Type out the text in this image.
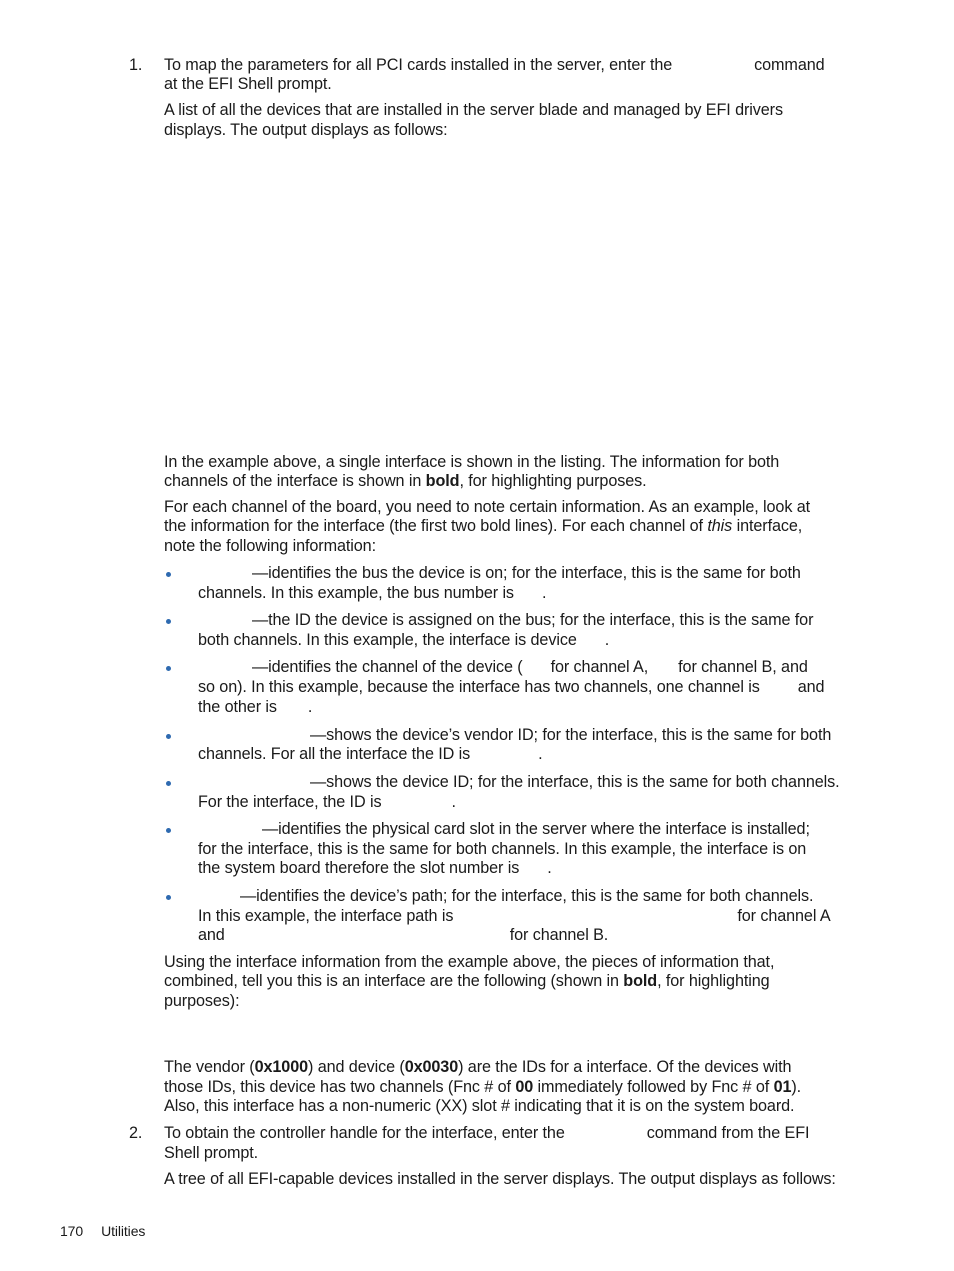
1. To map the parameters for all PCI cards installed in the server, enter the	command
at the EFI Shell prompt.
A list of all the devices that are installed in the server blade and managed by EFI drivers
displays. The output displays as follows:
In the example above, a single interface is shown in the listing. The information for both
channels of the interface is shown in bold, for highlighting purposes.
For each channel of the board, you need to note certain information. As an example, look at
the information for the interface (the first two bold lines). For each channel of this interface,
note the following information:
—identifies the bus the device is on; for the interface, this is the same for both
channels. In this example, the bus number is .
—the ID the device is assigned on the bus; for the interface, this is the same for
both channels. In this example, the interface is device .
—identifies the channel of the device ( for channel A, for channel B, and
so on). In this example, because the interface has two channels, one channel is and
the other is .
—shows the device’s vendor ID; for the interface, this is the same for both
channels. For all the interface the ID is	.
—shows the device ID; for the interface, this is the same for both channels.
For the interface, the ID is	.
—identifies the physical card slot in the server where the interface is installed;
for the interface, this is the same for both channels. In this example, the interface is on
the system board therefore the slot number is .
—identifies the device’s path; for the interface, this is the same for both channels.
In this example, the interface path is	for channel A
and	for channel B.
Using the interface information from the example above, the pieces of information that,
combined, tell you this is an interface are the following (shown in bold, for highlighting
purposes):
The vendor (0x1000) and device (0x0030) are the IDs for a interface. Of the devices with
those IDs, this device has two channels (Fnc # of 00 immediately followed by Fnc # of 01).
Also, this interface has a non-numeric (XX) slot # indicating that it is on the system board.
2. To obtain the controller handle for the interface, enter the	command from the EFI
Shell prompt.
A tree of all EFI-capable devices installed in the server displays. The output displays as follows:
170 Utilities
